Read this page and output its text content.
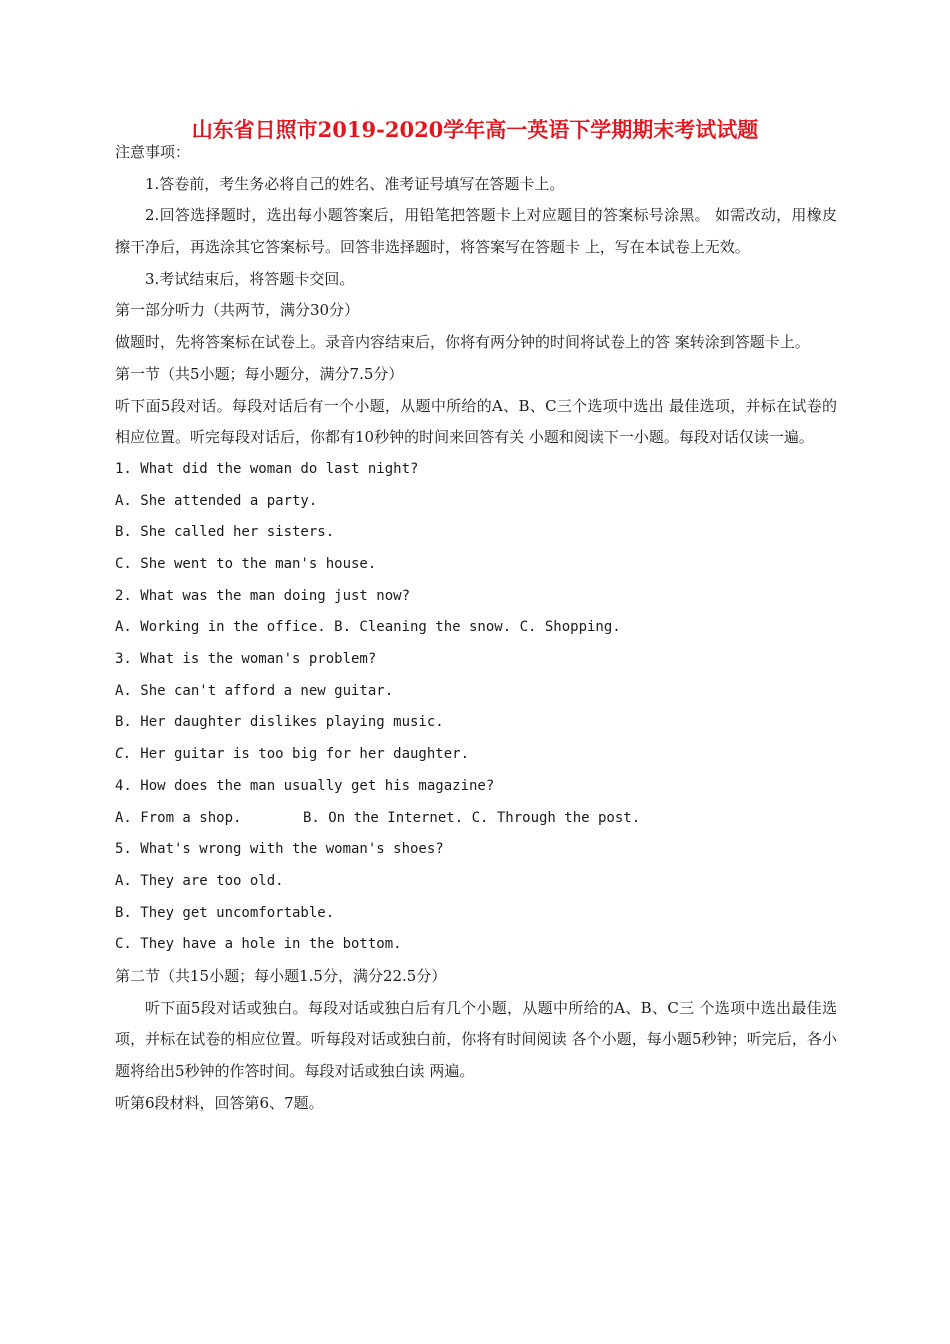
山东省日照市2019-2020学年高一英语下学期期末考试试题
注意事项：
1.答卷前，考生务必将自己的姓名、准考证号填写在答题卡上。
2.回答选择题时，选出每小题答案后，用铅笔把答题卡上对应题目的答案标号涂黑。 如需改动，用橡皮擦干净后，再选涂其它答案标号。回答非选择题时，将答案写在答题卡 上，写在本试卷上无效。
3.考试结束后，将答题卡交回。
第一部分听力（共两节，满分30分）
做题时，先将答案标在试卷上。录音内容结束后，你将有两分钟的时间将试卷上的答 案转涂到答题卡上。
第一节（共5小题；每小题分，满分7.5分）
听下面5段对话。每段对话后有一个小题，从题中所给的A、B、C三个选项中选出 最佳选项，并标在试卷的相应位置。听完每段对话后，你都有10秒钟的时间来回答有关 小题和阅读下一小题。每段对话仅读一遍。
1. What did the woman do last night?
A. She attended a party.
B. She called her sisters.
C. She went to the man's house.
2. What was the man doing just now?
A. Working in the office. B. Cleaning the snow. C. Shopping.
3. What is the woman's problem?
A. She can't afford a new guitar.
B. Her daughter dislikes playing music.
C. Her guitar is too big for her daughter.
4. How does the man usually get his magazine?
A. From a shop.	B. On the Internet. C. Through the post.
5. What's wrong with the woman's shoes?
A. They are too old.
B. They get uncomfortable.
C. They have a hole in the bottom.
第二节（共15小题；每小题1.5分，满分22.5分）
听下面5段对话或独白。每段对话或独白后有几个小题，从题中所给的A、B、C三 个选项中选出最佳选项，并标在试卷的相应位置。听每段对话或独白前，你将有时间阅读 各个小题，每小题5秒钟；听完后，各小题将给出5秒钟的作答时间。每段对话或独白读 两遍。
听第6段材料，回答第6、7题。
